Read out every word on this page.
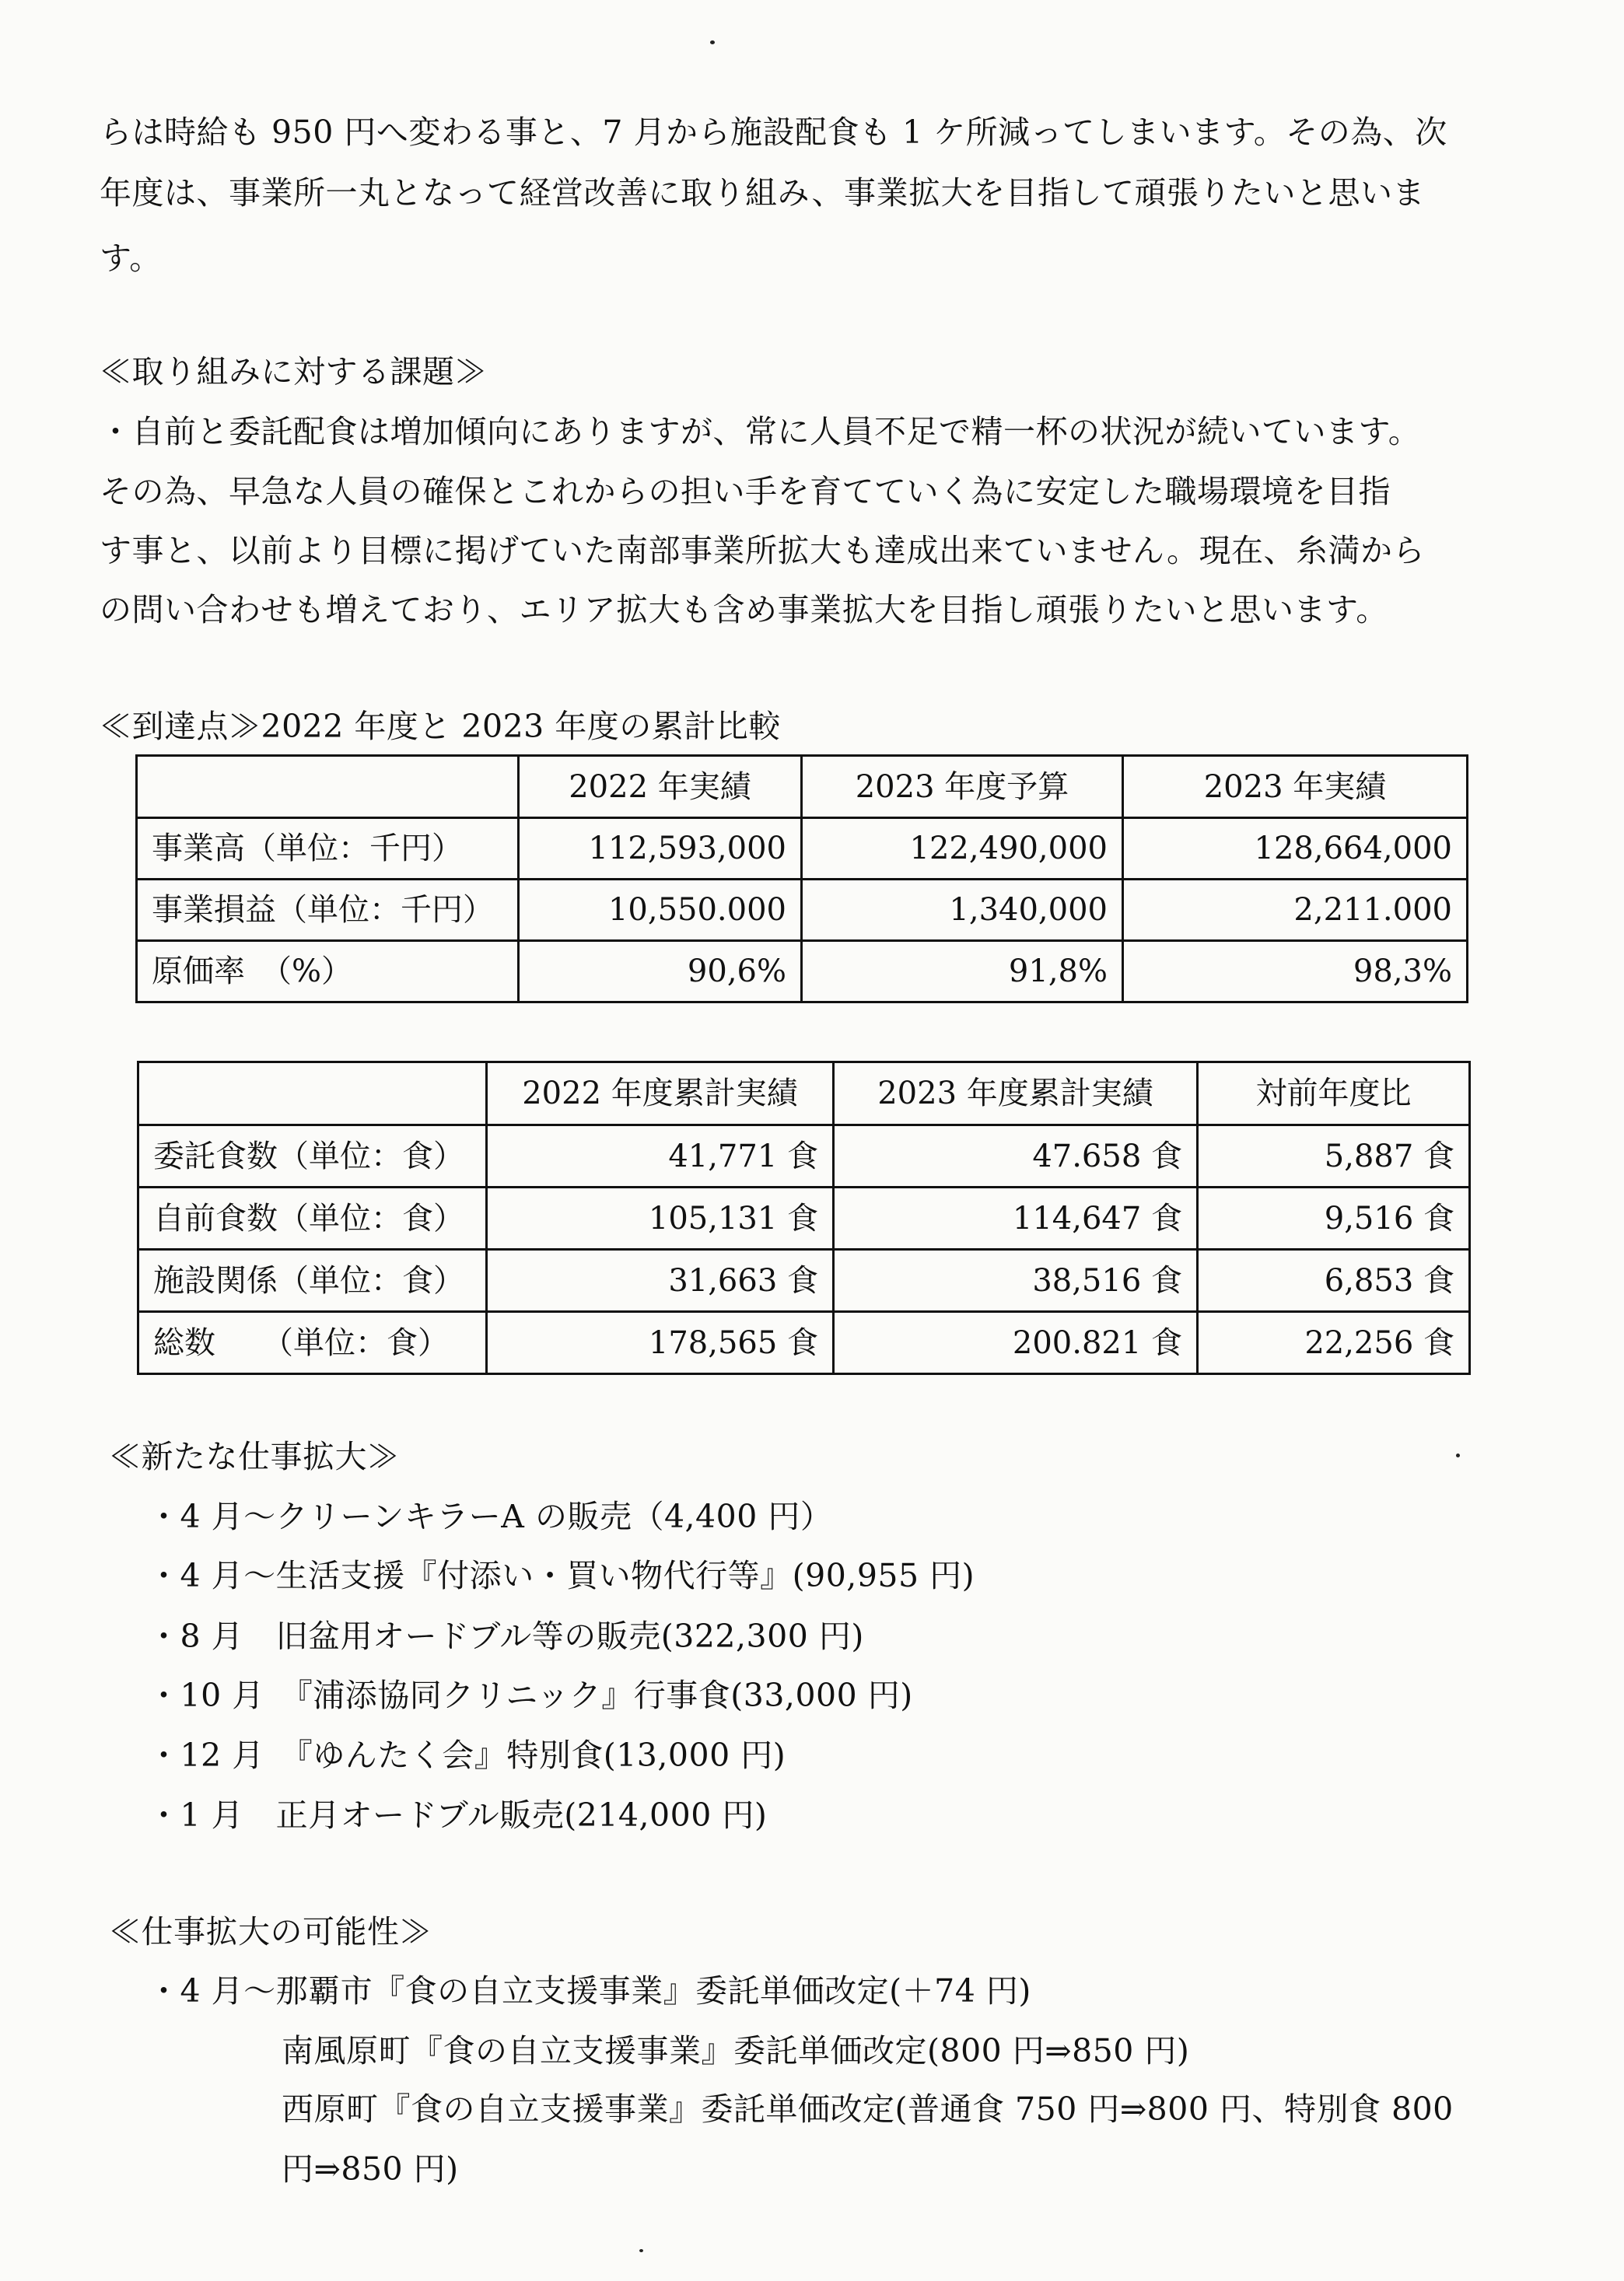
らは時給も 950 円へ変わる事と、7 月から施設配食も 1 ケ所減ってしまいます。その為、次
年度は、事業所一丸となって経営改善に取り組み、事業拡大を目指して頑張りたいと思いま
す。
≪取り組みに対する課題≫
・自前と委託配食は増加傾向にありますが、常に人員不足で精一杯の状況が続いています。
その為、早急な人員の確保とこれからの担い手を育てていく為に安定した職場環境を目指
す事と、以前より目標に掲げていた南部事業所拡大も達成出来ていません。現在、糸満から
の問い合わせも増えており、エリア拡大も含め事業拡大を目指し頑張りたいと思います。
≪到達点≫2022 年度と 2023 年度の累計比較
	2022 年実績	2023 年度予算	2023 年実績
事業高（単位：千円）	112,593,000	122,490,000	128,664,000
事業損益（単位：千円）	10,550.000	1,340,000	2,211.000
原価率　（%）	90,6%	91,8%	98,3%
	2022 年度累計実績	2023 年度累計実績	対前年度比
委託食数（単位：食）	41,771 食	47.658 食	5,887 食
自前食数（単位：食）	105,131 食	114,647 食	9,516 食
施設関係（単位：食）	31,663 食	38,516 食	6,853 食
総数　　（単位：食）	178,565 食	200.821 食	22,256 食
≪新たな仕事拡大≫
・4 月～クリーンキラーA の販売（4,400 円）
・4 月～生活支援『付添い・買い物代行等』(90,955 円)
・8 月　旧盆用オードブル等の販売(322,300 円)
・10 月　『浦添協同クリニック』行事食(33,000 円)
・12 月　『ゆんたく会』特別食(13,000 円)
・1 月　正月オードブル販売(214,000 円)
≪仕事拡大の可能性≫
・4 月～那覇市『食の自立支援事業』委託単価改定(＋74 円)
南風原町『食の自立支援事業』委託単価改定(800 円⇒850 円)
西原町『食の自立支援事業』委託単価改定(普通食 750 円⇒800 円、特別食 800
円⇒850 円)
